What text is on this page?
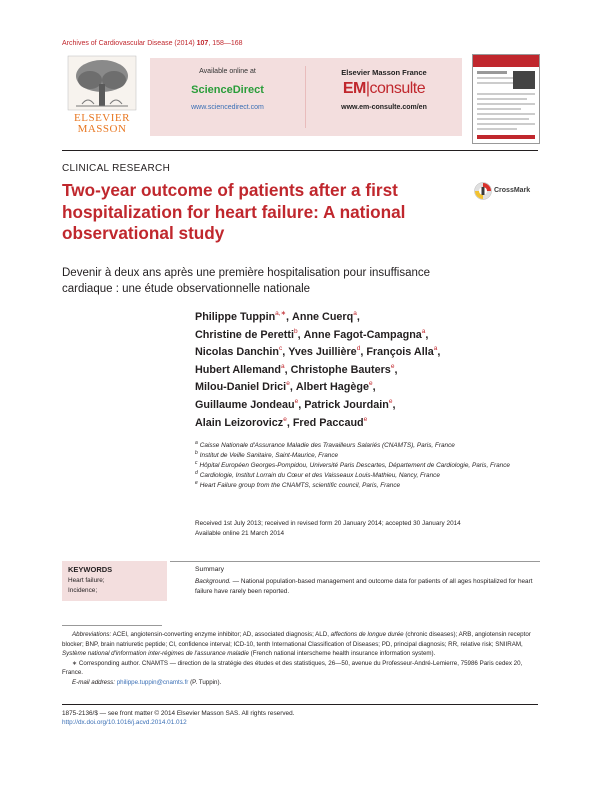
Archives of Cardiovascular Disease (2014) 107, 158—168
ELSEVIER
MASSON
Available online at
ScienceDirect
www.sciencedirect.com
Elsevier Masson France
EM|consulte
www.em-consulte.com/en
CLINICAL RESEARCH
Two-year outcome of patients after a first hospitalization for heart failure: A national observational study
CrossMark
Devenir à deux ans après une première hospitalisation pour insuffisance cardiaque : une étude observationnelle nationale
Philippe Tuppin$^{a,∗}$, Anne Cuerq$^a$,
Christine de Peretti$^b$, Anne Fagot-Campagna$^a$,
Nicolas Danchin$^c$, Yves Juillière$^d$, François Alla$^a$,
Hubert Allemand$^a$, Christophe Bauters$^e$,
Milou-Daniel Drici$^e$, Albert Hagège$^e$,
Guillaume Jondeau$^e$, Patrick Jourdain$^e$,
Alain Leizorovicz$^e$, Fred Paccaud$^e$
$^a$ Caisse Nationale d'Assurance Maladie des Travailleurs Salariés (CNAMTS), Paris, France
$^b$ Institut de Veille Sanitaire, Saint-Maurice, France
$^c$ Hôpital Européen Georges-Pompidou, Université Paris Descartes, Département de Cardiologie, Paris, France
$^d$ Cardiologie, Institut Lorrain du Cœur et des Vaisseaux Louis-Mathieu, Nancy, France
$^e$ Heart Failure group from the CNAMTS, scientific council, Paris, France
Received 1st July 2013; received in revised form 20 January 2014; accepted 30 January 2014
Available online 21 March 2014
KEYWORDS
Heart failure;
Incidence;
Summary
Background. — National population-based management and outcome data for patients of all ages hospitalized for heart failure have rarely been reported.
Abbreviations: ACEI, angiotensin-converting enzyme inhibitor; AD, associated diagnosis; ALD, affections de longue durée (chronic diseases); ARB, angiotensin receptor blocker; BNP, brain natriuretic peptide; CI, confidence interval; ICD-10, tenth International Classification of Diseases; PD, principal diagnosis; RR, relative risk; SNIIRAM, Système national d'information inter-régimes de l'assurance maladie (French national interscheme health insurance information system).
∗ Corresponding author. CNAMTS — direction de la stratégie des études et des statistiques, 26—50, avenue du Professeur-André-Lemierre, 75986 Paris cedex 20, France.
E-mail address: philippe.tuppin@cnamts.fr (P. Tuppin).
1875-2136/$ — see front matter © 2014 Elsevier Masson SAS. All rights reserved.
http://dx.doi.org/10.1016/j.acvd.2014.01.012
